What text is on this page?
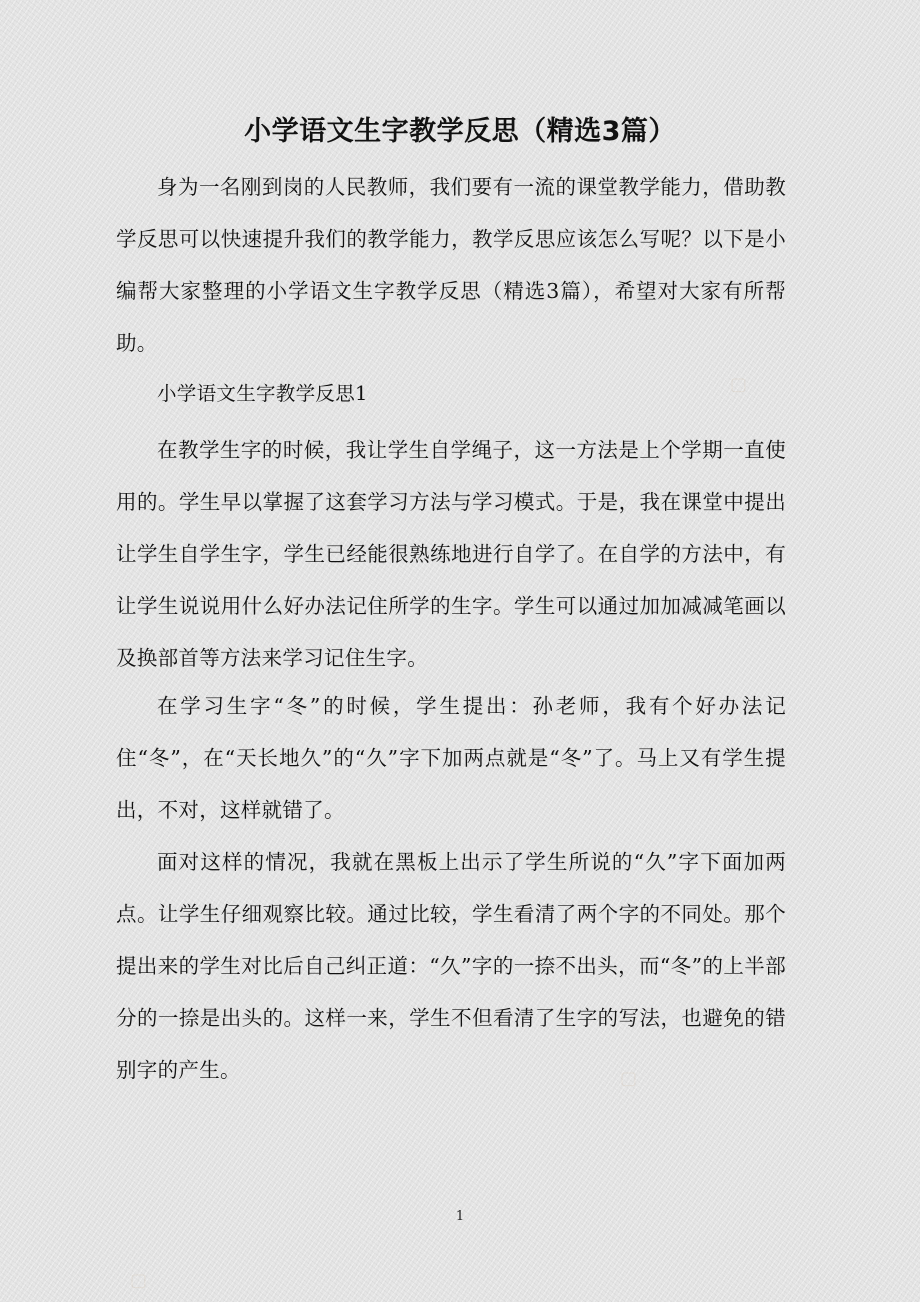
▢
▢
▢
小学语文生字教学反思（精选3篇）

身为一名刚到岗的人民教师，我们要有一流的课堂教学能力，借助教学反思可以快速提升我们的教学能力，教学反思应该怎么写呢？以下是小编帮大家整理的小学语文生字教学反思（精选3篇），希望对大家有所帮助。

小学语文生字教学反思1

在教学生字的时候，我让学生自学绳子，这一方法是上个学期一直使用的。学生早以掌握了这套学习方法与学习模式。于是，我在课堂中提出让学生自学生字，学生已经能很熟练地进行自学了。在自学的方法中，有让学生说说用什么好办法记住所学的生字。学生可以通过加加减减笔画以及换部首等方法来学习记住生字。

在学习生字“冬”的时候，学生提出：孙老师，我有个好办法记住“冬”，在“天长地久”的“久”字下加两点就是“冬”了。马上又有学生提出，不对，这样就错了。

面对这样的情况，我就在黑板上出示了学生所说的“久”字下面加两点。让学生仔细观察比较。通过比较，学生看清了两个字的不同处。那个提出来的学生对比后自己纠正道：“久”字的一捺不出头，而“冬”的上半部分的一捺是出头的。这样一来，学生不但看清了生字的写法，也避免的错别字的产生。

1
